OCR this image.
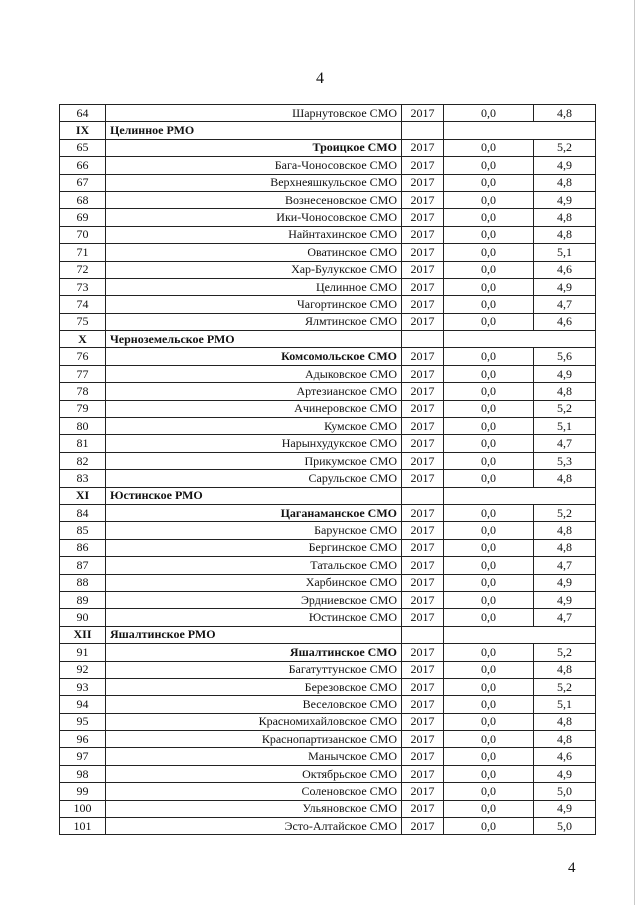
4
64	Шарнутовское СМО	2017	0,0	4,8	
IX	Целинное РМО				
65	Троицкое СМО	2017	0,0	5,2	
66	Бага-Чоносовское СМО	2017	0,0	4,9	
67	Верхнеяшкульское СМО	2017	0,0	4,8	
68	Вознесеновское СМО	2017	0,0	4,9	
69	Ики-Чоносовское СМО	2017	0,0	4,8	
70	Найнтахинское СМО	2017	0,0	4,8	
71	Оватинское СМО	2017	0,0	5,1	
72	Хар-Булукское СМО	2017	0,0	4,6	
73	Целинное СМО	2017	0,0	4,9	
74	Чагортинское СМО	2017	0,0	4,7	
75	Ялмтинское СМО	2017	0,0	4,6	
X	Черноземельское РМО				
76	Комсомольское СМО	2017	0,0	5,6	
77	Адыковское СМО	2017	0,0	4,9	
78	Артезианское СМО	2017	0,0	4,8	
79	Ачинеровское СМО	2017	0,0	5,2	
80	Кумское СМО	2017	0,0	5,1	
81	Нарынхудукское СМО	2017	0,0	4,7	
82	Прикумское СМО	2017	0,0	5,3	
83	Сарульское СМО	2017	0,0	4,8	
XI	Юстинское РМО				
84	Цаганаманское СМО	2017	0,0	5,2	
85	Барунское СМО	2017	0,0	4,8	
86	Бергинское СМО	2017	0,0	4,8	
87	Татальское СМО	2017	0,0	4,7	
88	Харбинское СМО	2017	0,0	4,9	
89	Эрдниевское СМО	2017	0,0	4,9	
90	Юстинское СМО	2017	0,0	4,7	
XII	Яшалтинское РМО				
91	Яшалтинское СМО	2017	0,0	5,2	
92	Багатуттунское СМО	2017	0,0	4,8	
93	Березовское СМО	2017	0,0	5,2	
94	Веселовское СМО	2017	0,0	5,1	
95	Красномихайловское СМО	2017	0,0	4,8	
96	Краснопартизанское СМО	2017	0,0	4,8	
97	Манычское СМО	2017	0,0	4,6	
98	Октябрьское СМО	2017	0,0	4,9	
99	Соленовское СМО	2017	0,0	5,0	
100	Ульяновское СМО	2017	0,0	4,9	
101	Эсто-Алтайское СМО	2017	0,0	5,0	
4
